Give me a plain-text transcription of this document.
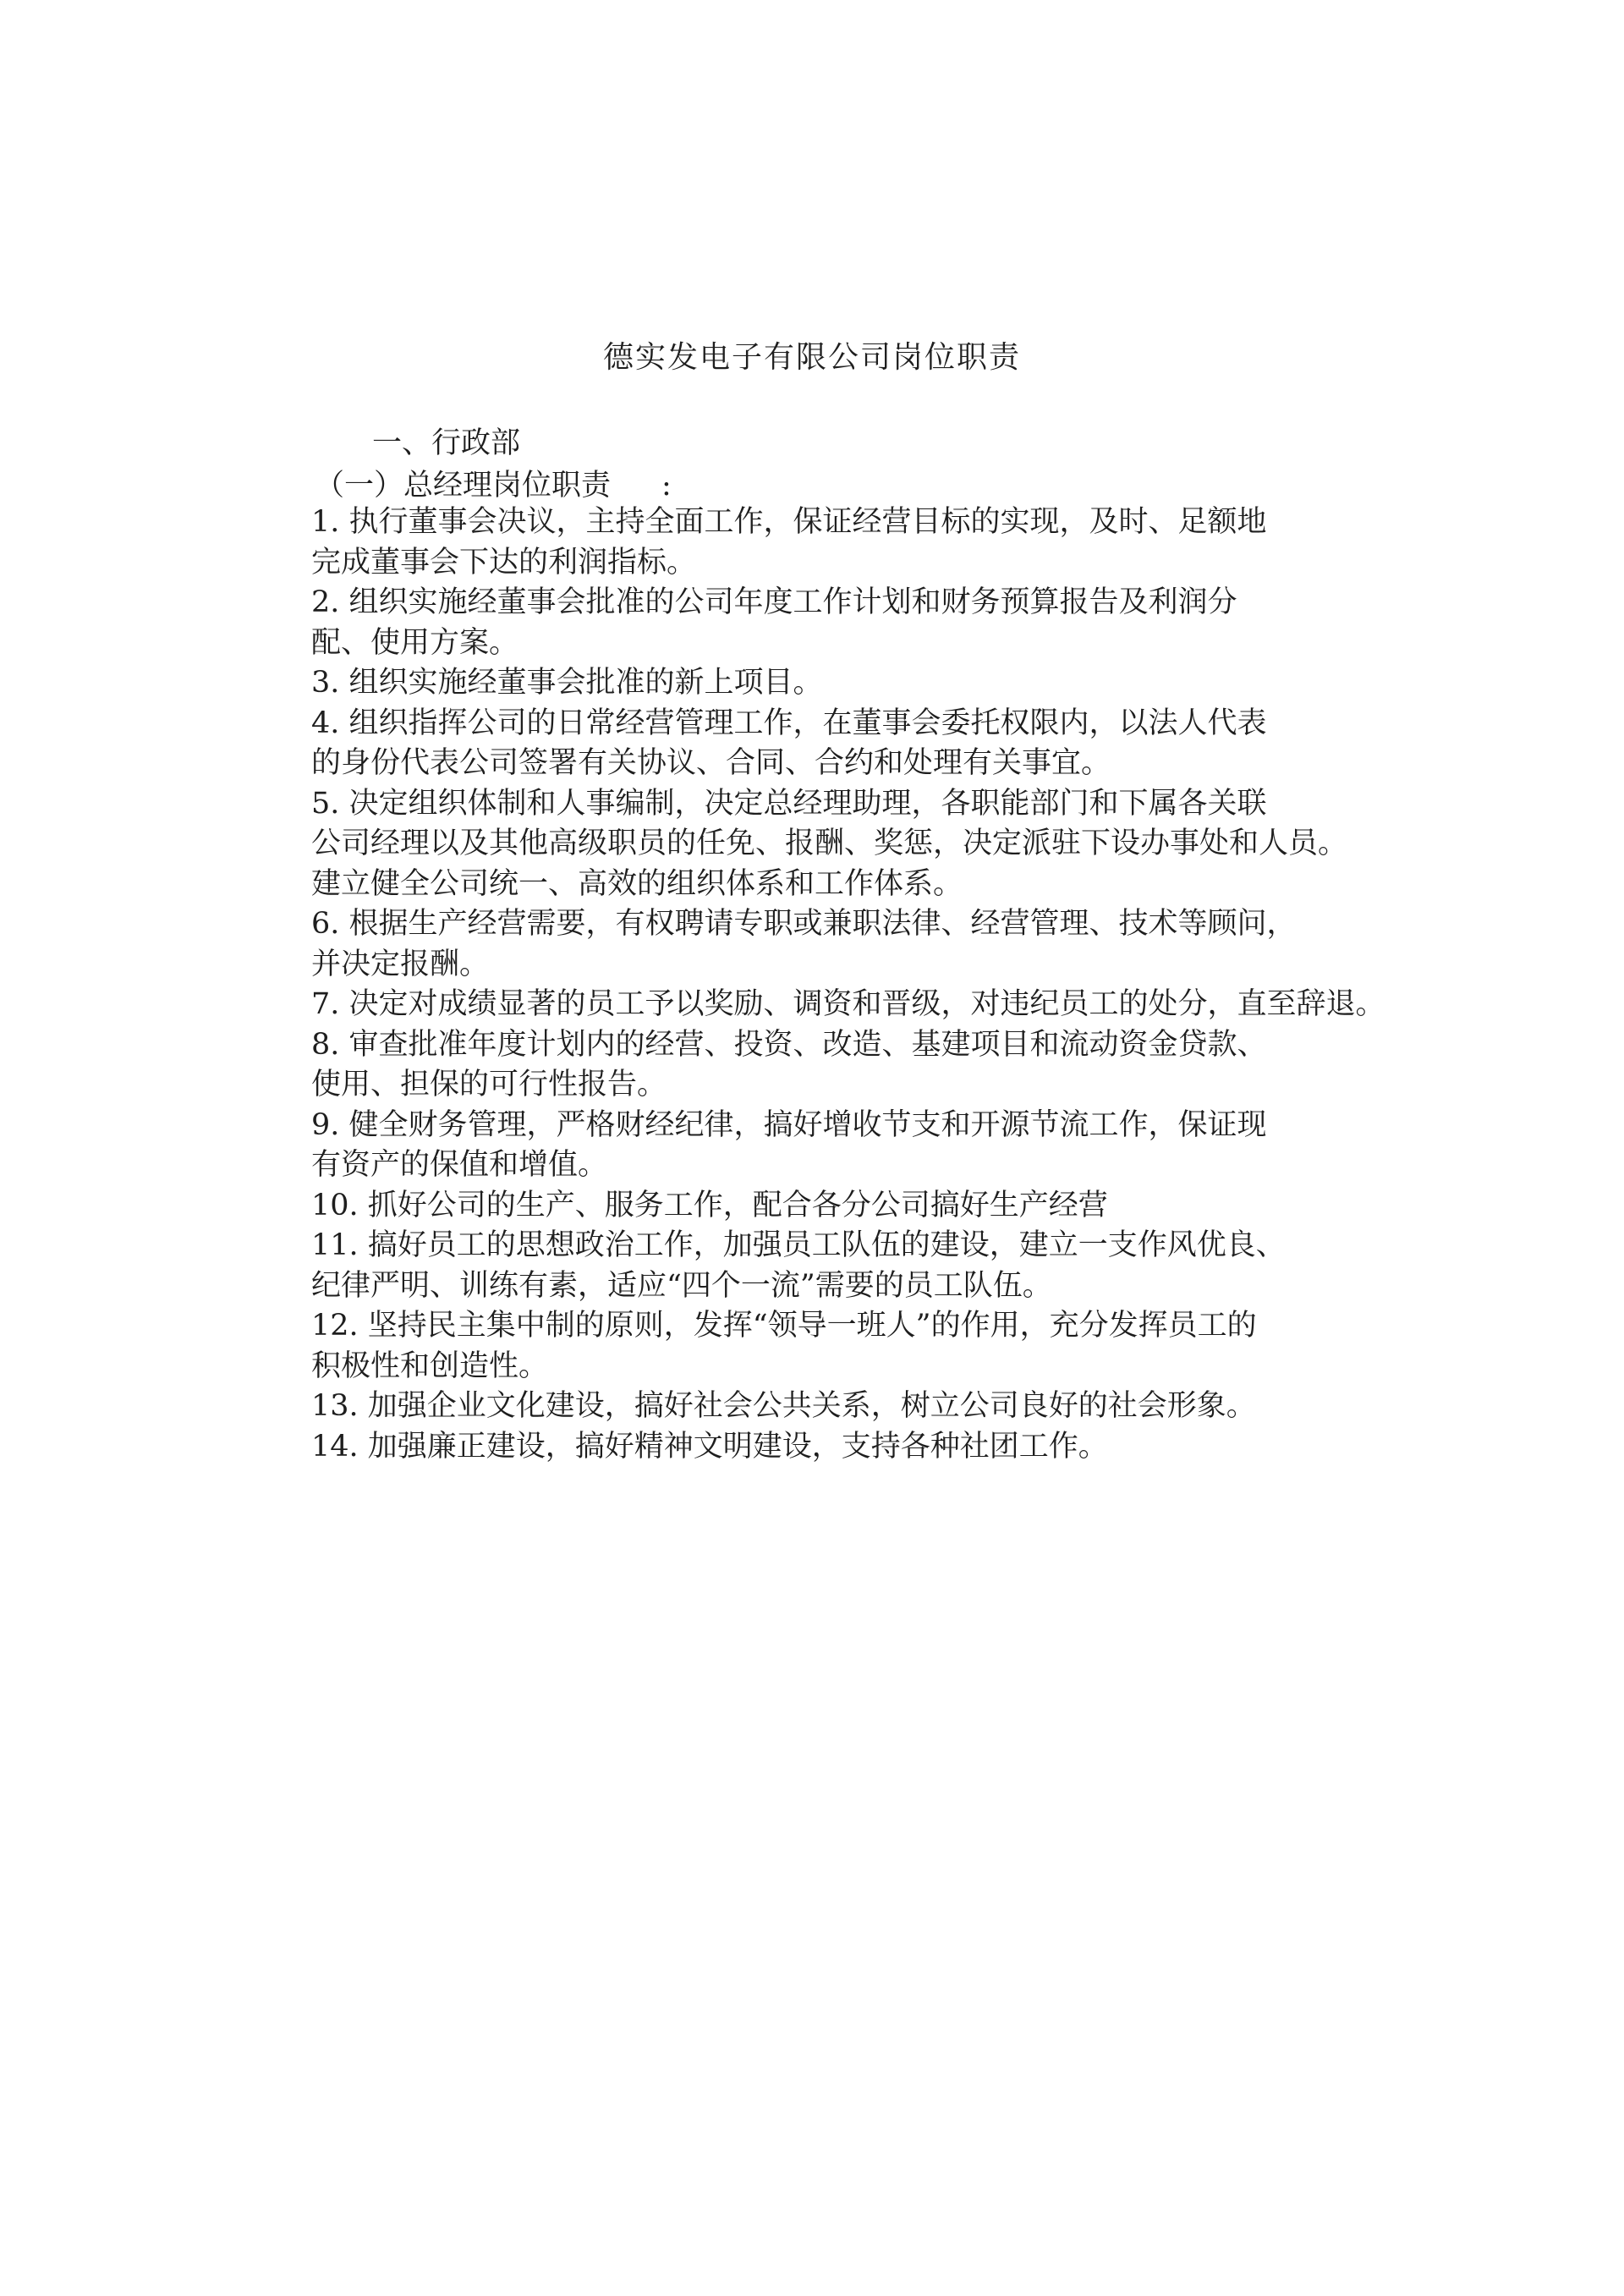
德实发电子有限公司岗位职责
一、行政部
（一）总经理岗位职责 :
1. 执行董事会决议，主持全面工作，保证经营目标的实现，及时、足额地
完成董事会下达的利润指标。
2. 组织实施经董事会批准的公司年度工作计划和财务预算报告及利润分
配、使用方案。
3. 组织实施经董事会批准的新上项目。
4. 组织指挥公司的日常经营管理工作，在董事会委托权限内，以法人代表
的身份代表公司签署有关协议、合同、合约和处理有关事宜。
5. 决定组织体制和人事编制，决定总经理助理，各职能部门和下属各关联
公司经理以及其他高级职员的任免、报酬、奖惩，决定派驻下设办事处和人员。
建立健全公司统一、高效的组织体系和工作体系。
6. 根据生产经营需要，有权聘请专职或兼职法律、经营管理、技术等顾问，
并决定报酬。
7. 决定对成绩显著的员工予以奖励、调资和晋级，对违纪员工的处分，直至辞退。
8. 审查批准年度计划内的经营、投资、改造、基建项目和流动资金贷款、
使用、担保的可行性报告。
9. 健全财务管理，严格财经纪律，搞好增收节支和开源节流工作，保证现
有资产的保值和增值。
10. 抓好公司的生产、服务工作，配合各分公司搞好生产经营
11. 搞好员工的思想政治工作，加强员工队伍的建设，建立一支作风优良、
纪律严明、训练有素，适应“四个一流”需要的员工队伍。
12. 坚持民主集中制的原则，发挥“领导一班人”的作用，充分发挥员工的
积极性和创造性。
13. 加强企业文化建设，搞好社会公共关系，树立公司良好的社会形象。
14. 加强廉正建设，搞好精神文明建设，支持各种社团工作。
